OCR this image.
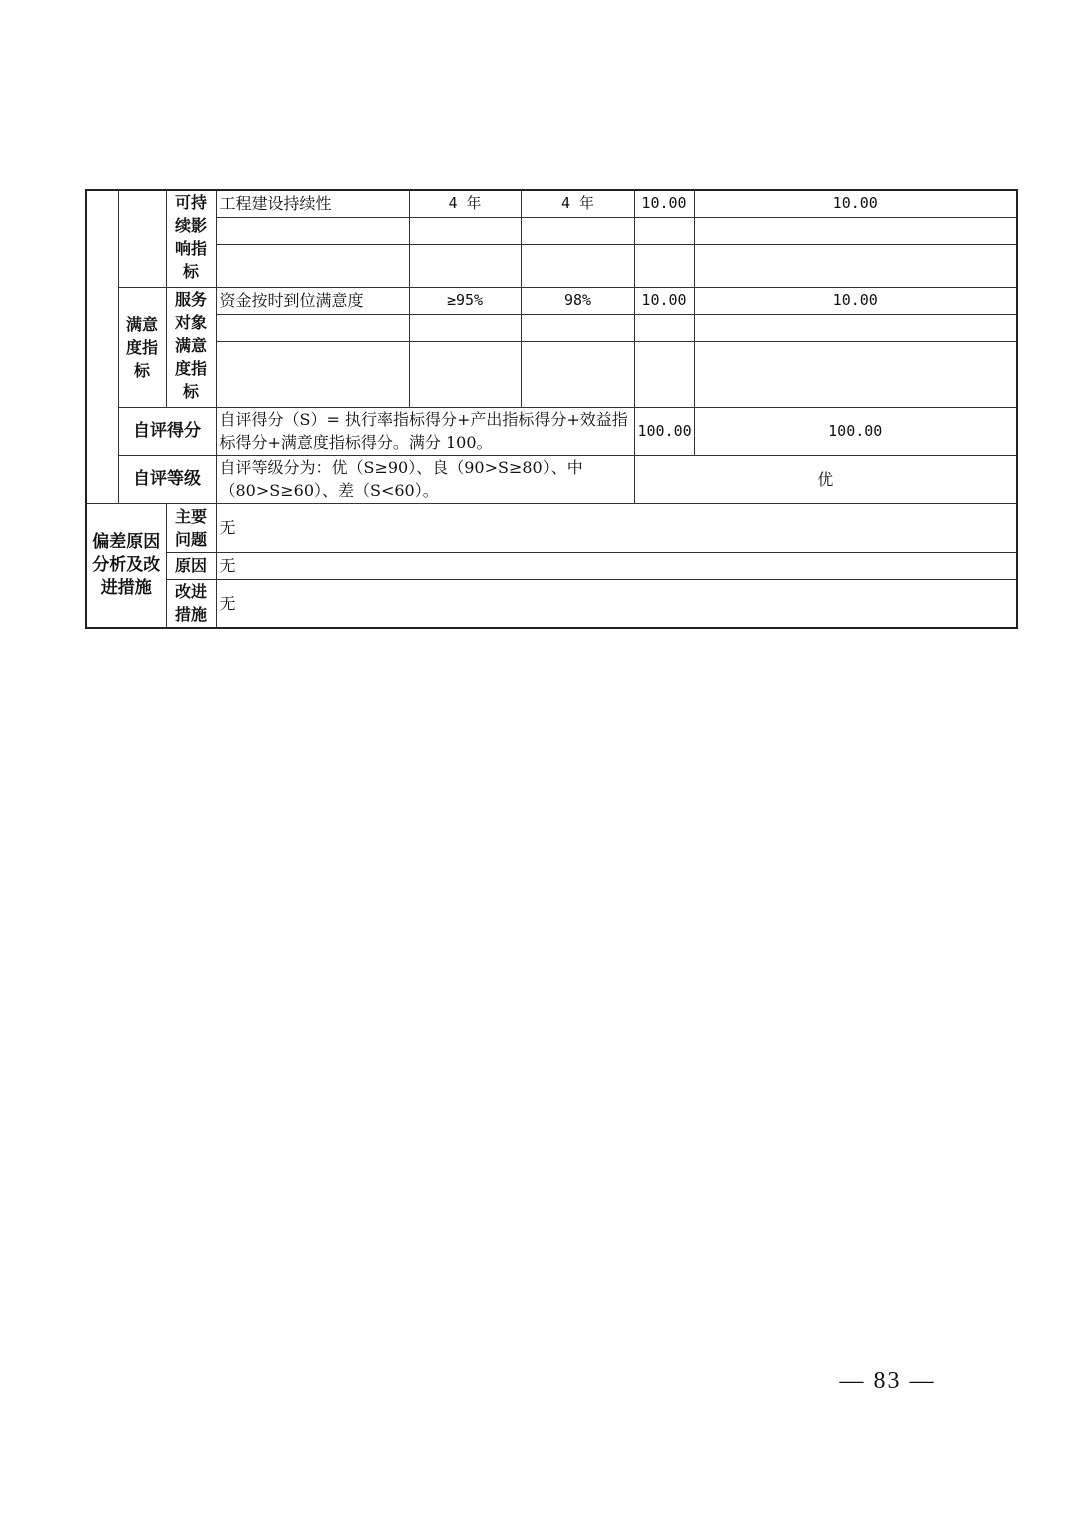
		可持续影响指标	工程建设持续性	4 年	4 年	10.00	10.00

	满意度指标	服务对象满意度指标	资金按时到位满意度	≥95%	98%	10.00	10.00

	自评得分		自评得分（S）= 执行率指标得分+产出指标得分+效益指标得分+满意度指标得分。满分 100。			100.00	100.00
	自评等级		自评等级分为：优（S≥90）、良（90>S≥80）、中（80>S≥60）、差（S<60）。			优	
偏差原因分析及改进措施		主要问题	无				
		原因	无				
		改进措施	无				
— 83 —
